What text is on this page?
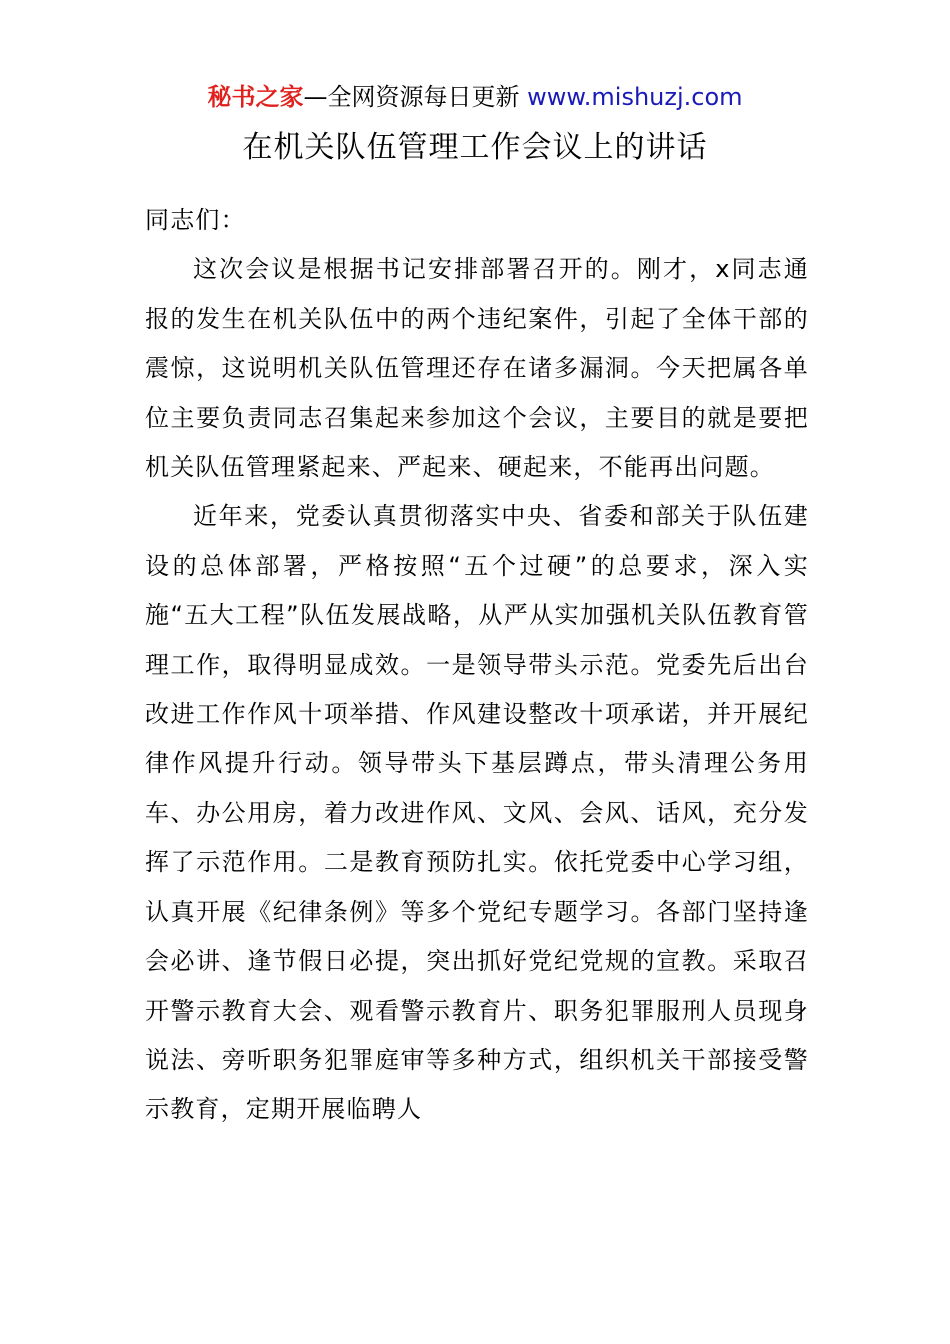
秘书之家—全网资源每日更新 www.mishuzj.com
在机关队伍管理工作会议上的讲话

同志们：

这次会议是根据书记安排部署召开的。刚才，x同志通报的发生在机关队伍中的两个违纪案件，引起了全体干部的震惊，这说明机关队伍管理还存在诸多漏洞。今天把属各单位主要负责同志召集起来参加这个会议，主要目的就是要把机关队伍管理紧起来、严起来、硬起来，不能再出问题。

近年来，党委认真贯彻落实中央、省委和部关于队伍建设的总体部署，严格按照“五个过硬”的总要求，深入实施“五大工程”队伍发展战略，从严从实加强机关队伍教育管理工作，取得明显成效。一是领导带头示范。党委先后出台改进工作作风十项举措、作风建设整改十项承诺，并开展纪律作风提升行动。领导带头下基层蹲点，带头清理公务用车、办公用房，着力改进作风、文风、会风、话风，充分发挥了示范作用。二是教育预防扎实。依托党委中心学习组，认真开展《纪律条例》等多个党纪专题学习。各部门坚持逢会必讲、逢节假日必提，突出抓好党纪党规的宣教。采取召开警示教育大会、观看警示教育片、职务犯罪服刑人员现身说法、旁听职务犯罪庭审等多种方式，组织机关干部接受警示教育，定期开展临聘人
